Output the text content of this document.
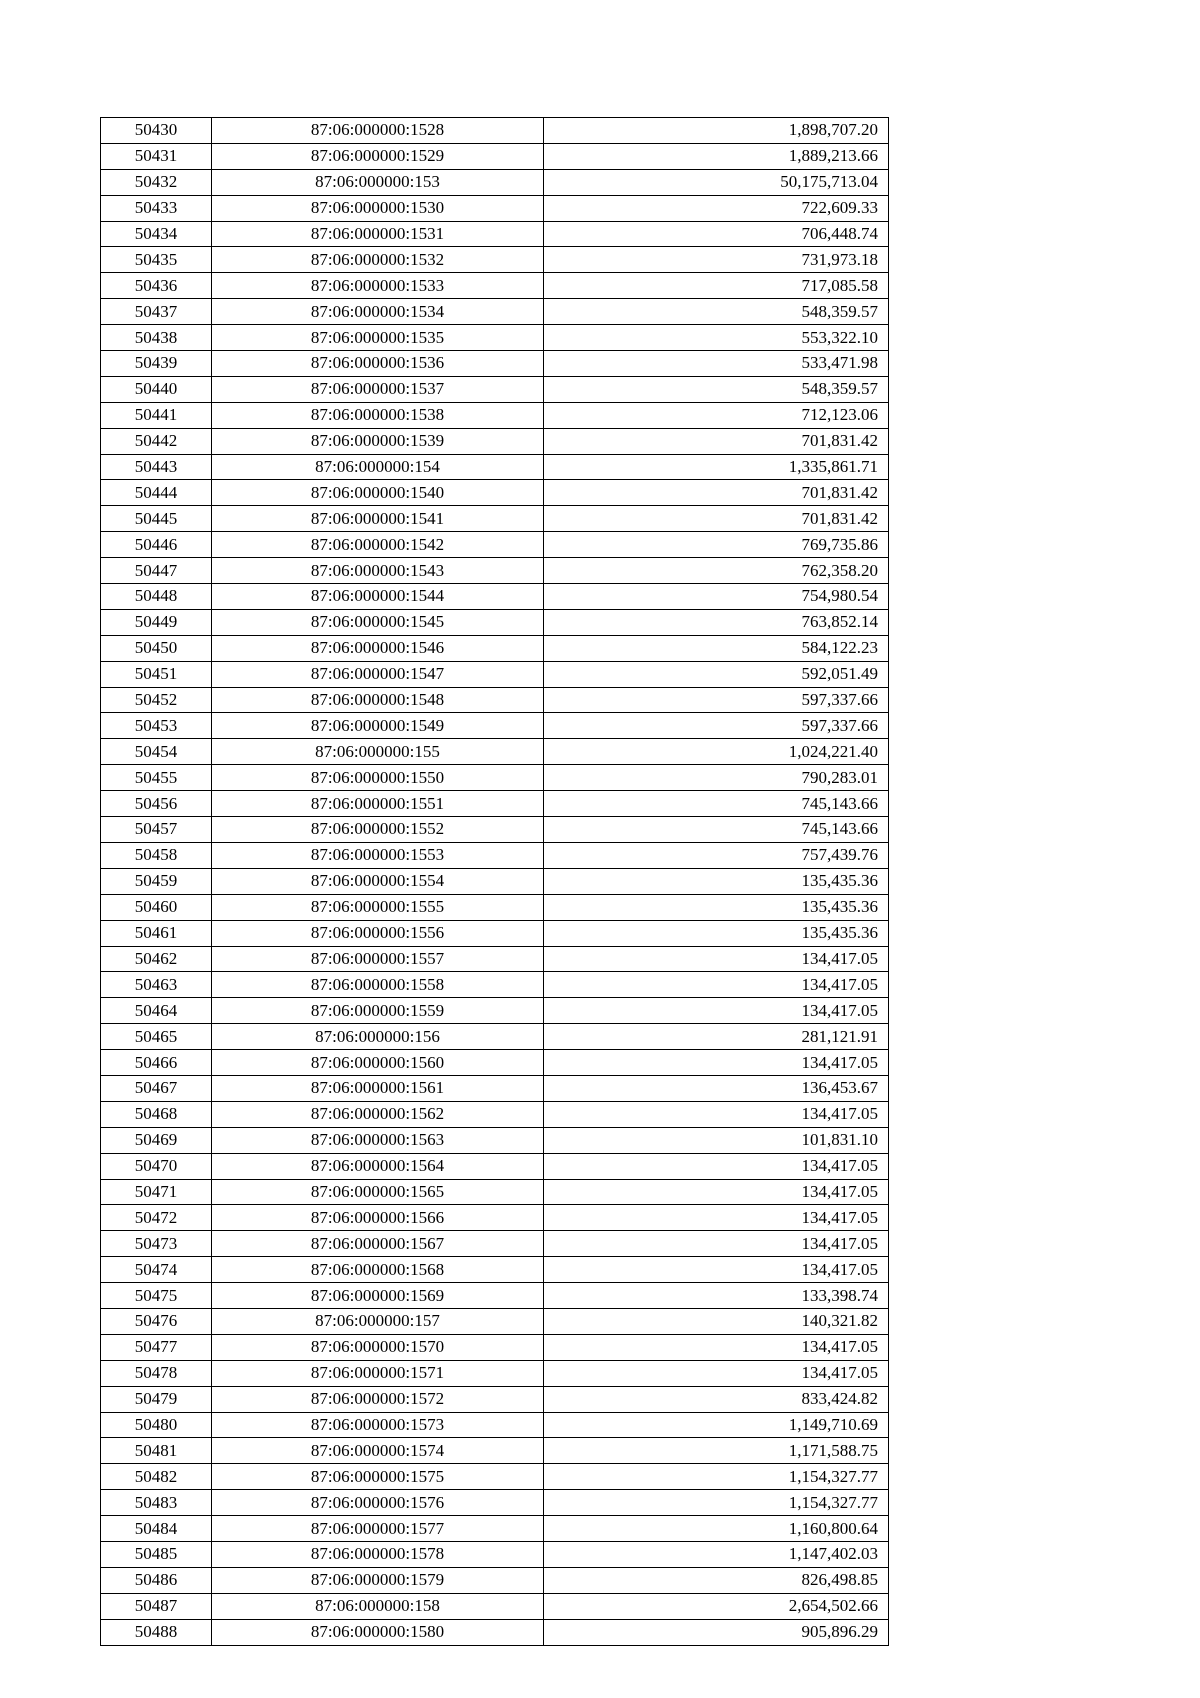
50430	87:06:000000:1528	1,898,707.20
50431	87:06:000000:1529	1,889,213.66
50432	87:06:000000:153	50,175,713.04
50433	87:06:000000:1530	722,609.33
50434	87:06:000000:1531	706,448.74
50435	87:06:000000:1532	731,973.18
50436	87:06:000000:1533	717,085.58
50437	87:06:000000:1534	548,359.57
50438	87:06:000000:1535	553,322.10
50439	87:06:000000:1536	533,471.98
50440	87:06:000000:1537	548,359.57
50441	87:06:000000:1538	712,123.06
50442	87:06:000000:1539	701,831.42
50443	87:06:000000:154	1,335,861.71
50444	87:06:000000:1540	701,831.42
50445	87:06:000000:1541	701,831.42
50446	87:06:000000:1542	769,735.86
50447	87:06:000000:1543	762,358.20
50448	87:06:000000:1544	754,980.54
50449	87:06:000000:1545	763,852.14
50450	87:06:000000:1546	584,122.23
50451	87:06:000000:1547	592,051.49
50452	87:06:000000:1548	597,337.66
50453	87:06:000000:1549	597,337.66
50454	87:06:000000:155	1,024,221.40
50455	87:06:000000:1550	790,283.01
50456	87:06:000000:1551	745,143.66
50457	87:06:000000:1552	745,143.66
50458	87:06:000000:1553	757,439.76
50459	87:06:000000:1554	135,435.36
50460	87:06:000000:1555	135,435.36
50461	87:06:000000:1556	135,435.36
50462	87:06:000000:1557	134,417.05
50463	87:06:000000:1558	134,417.05
50464	87:06:000000:1559	134,417.05
50465	87:06:000000:156	281,121.91
50466	87:06:000000:1560	134,417.05
50467	87:06:000000:1561	136,453.67
50468	87:06:000000:1562	134,417.05
50469	87:06:000000:1563	101,831.10
50470	87:06:000000:1564	134,417.05
50471	87:06:000000:1565	134,417.05
50472	87:06:000000:1566	134,417.05
50473	87:06:000000:1567	134,417.05
50474	87:06:000000:1568	134,417.05
50475	87:06:000000:1569	133,398.74
50476	87:06:000000:157	140,321.82
50477	87:06:000000:1570	134,417.05
50478	87:06:000000:1571	134,417.05
50479	87:06:000000:1572	833,424.82
50480	87:06:000000:1573	1,149,710.69
50481	87:06:000000:1574	1,171,588.75
50482	87:06:000000:1575	1,154,327.77
50483	87:06:000000:1576	1,154,327.77
50484	87:06:000000:1577	1,160,800.64
50485	87:06:000000:1578	1,147,402.03
50486	87:06:000000:1579	826,498.85
50487	87:06:000000:158	2,654,502.66
50488	87:06:000000:1580	905,896.29
